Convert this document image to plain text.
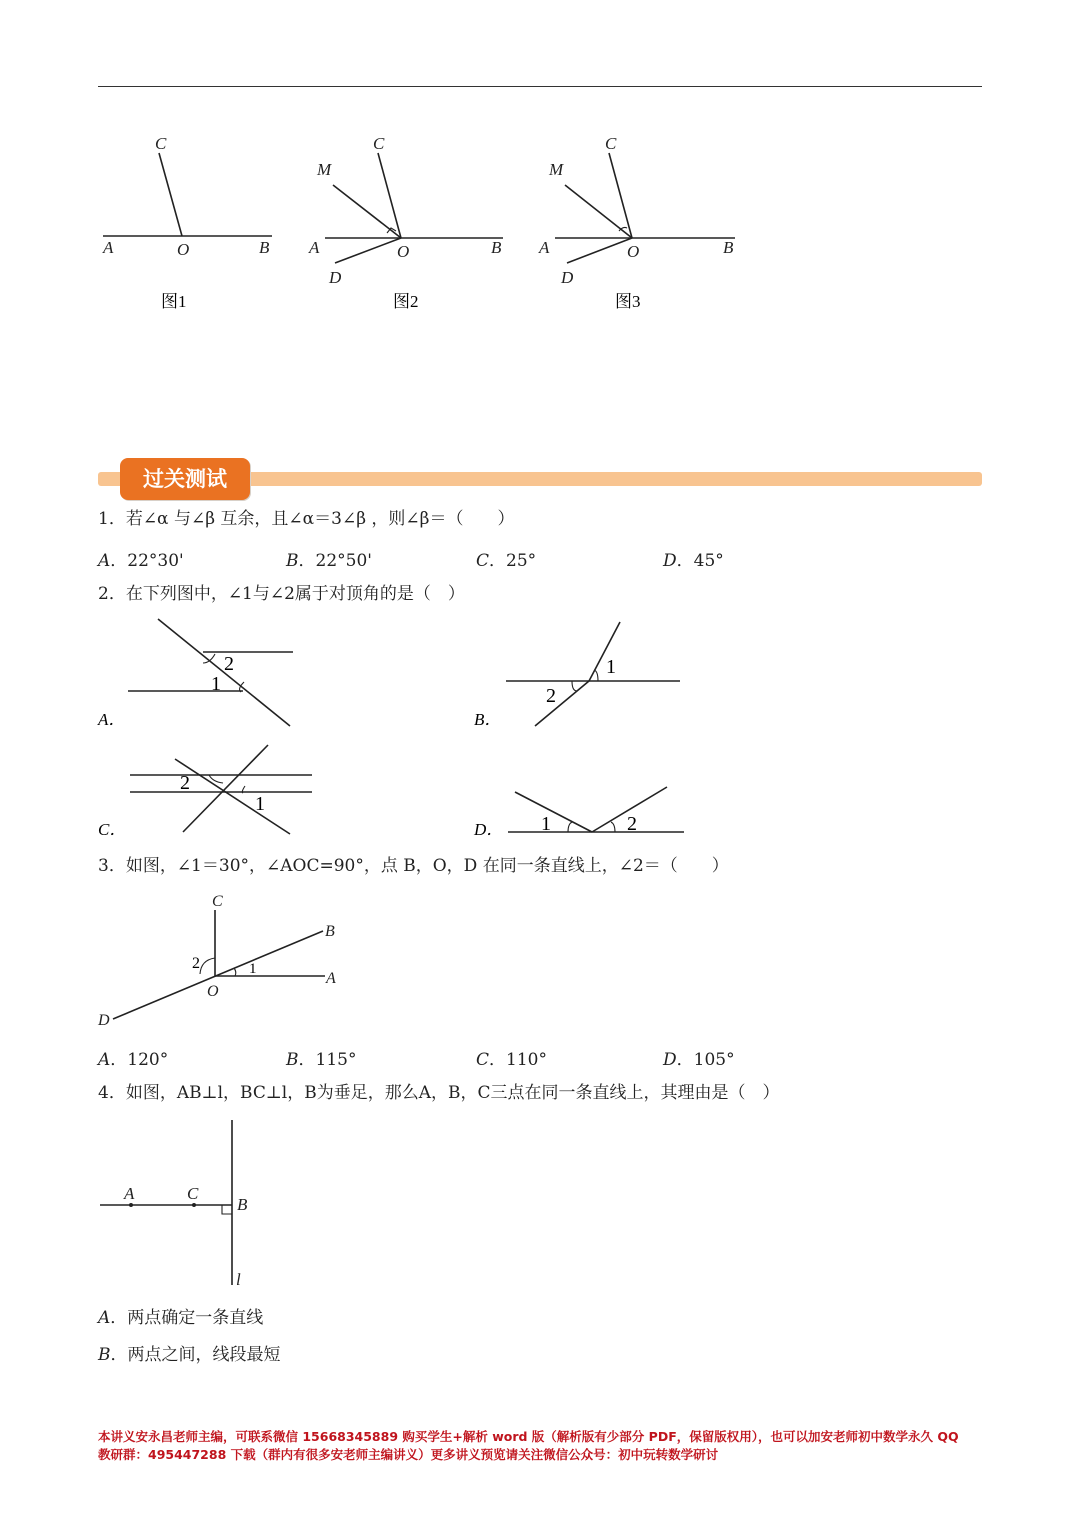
C
A	O	B
图1
C
M
A	O	B
D
图2
C
M
A	O	B
D
图3
过关测试
1．若∠α 与∠β 互余，且∠α＝3∠β ，则∠β＝（　　）
A．22°30'	B．22°50'	C．25°	D．45°
2．在下列图中，∠1与∠2属于对顶角的是（　）
2
1
A．
1
2
B．
2
1
C．	1	2
D．
3．如图，∠1＝30°，∠AOC=90°，点 B，O，D 在同一条直线上，∠2＝（　　）
C
B
A
O
D
2	1
A．120°	B．115°	C．110°	D．105°
4．如图，AB⊥l，BC⊥l，B为垂足，那么A，B，C三点在同一条直线上，其理由是（　）
A	C
B
l
A．两点确定一条直线
B．两点之间，线段最短
本讲义安永昌老师主编，可联系微信 15668345889 购买学生+解析 word 版（解析版有少部分 PDF，保留版权用），也可以加安老师初中数学永久 QQ
教研群：495447288 下载（群内有很多安老师主编讲义）更多讲义预览请关注微信公众号：初中玩转数学研讨
